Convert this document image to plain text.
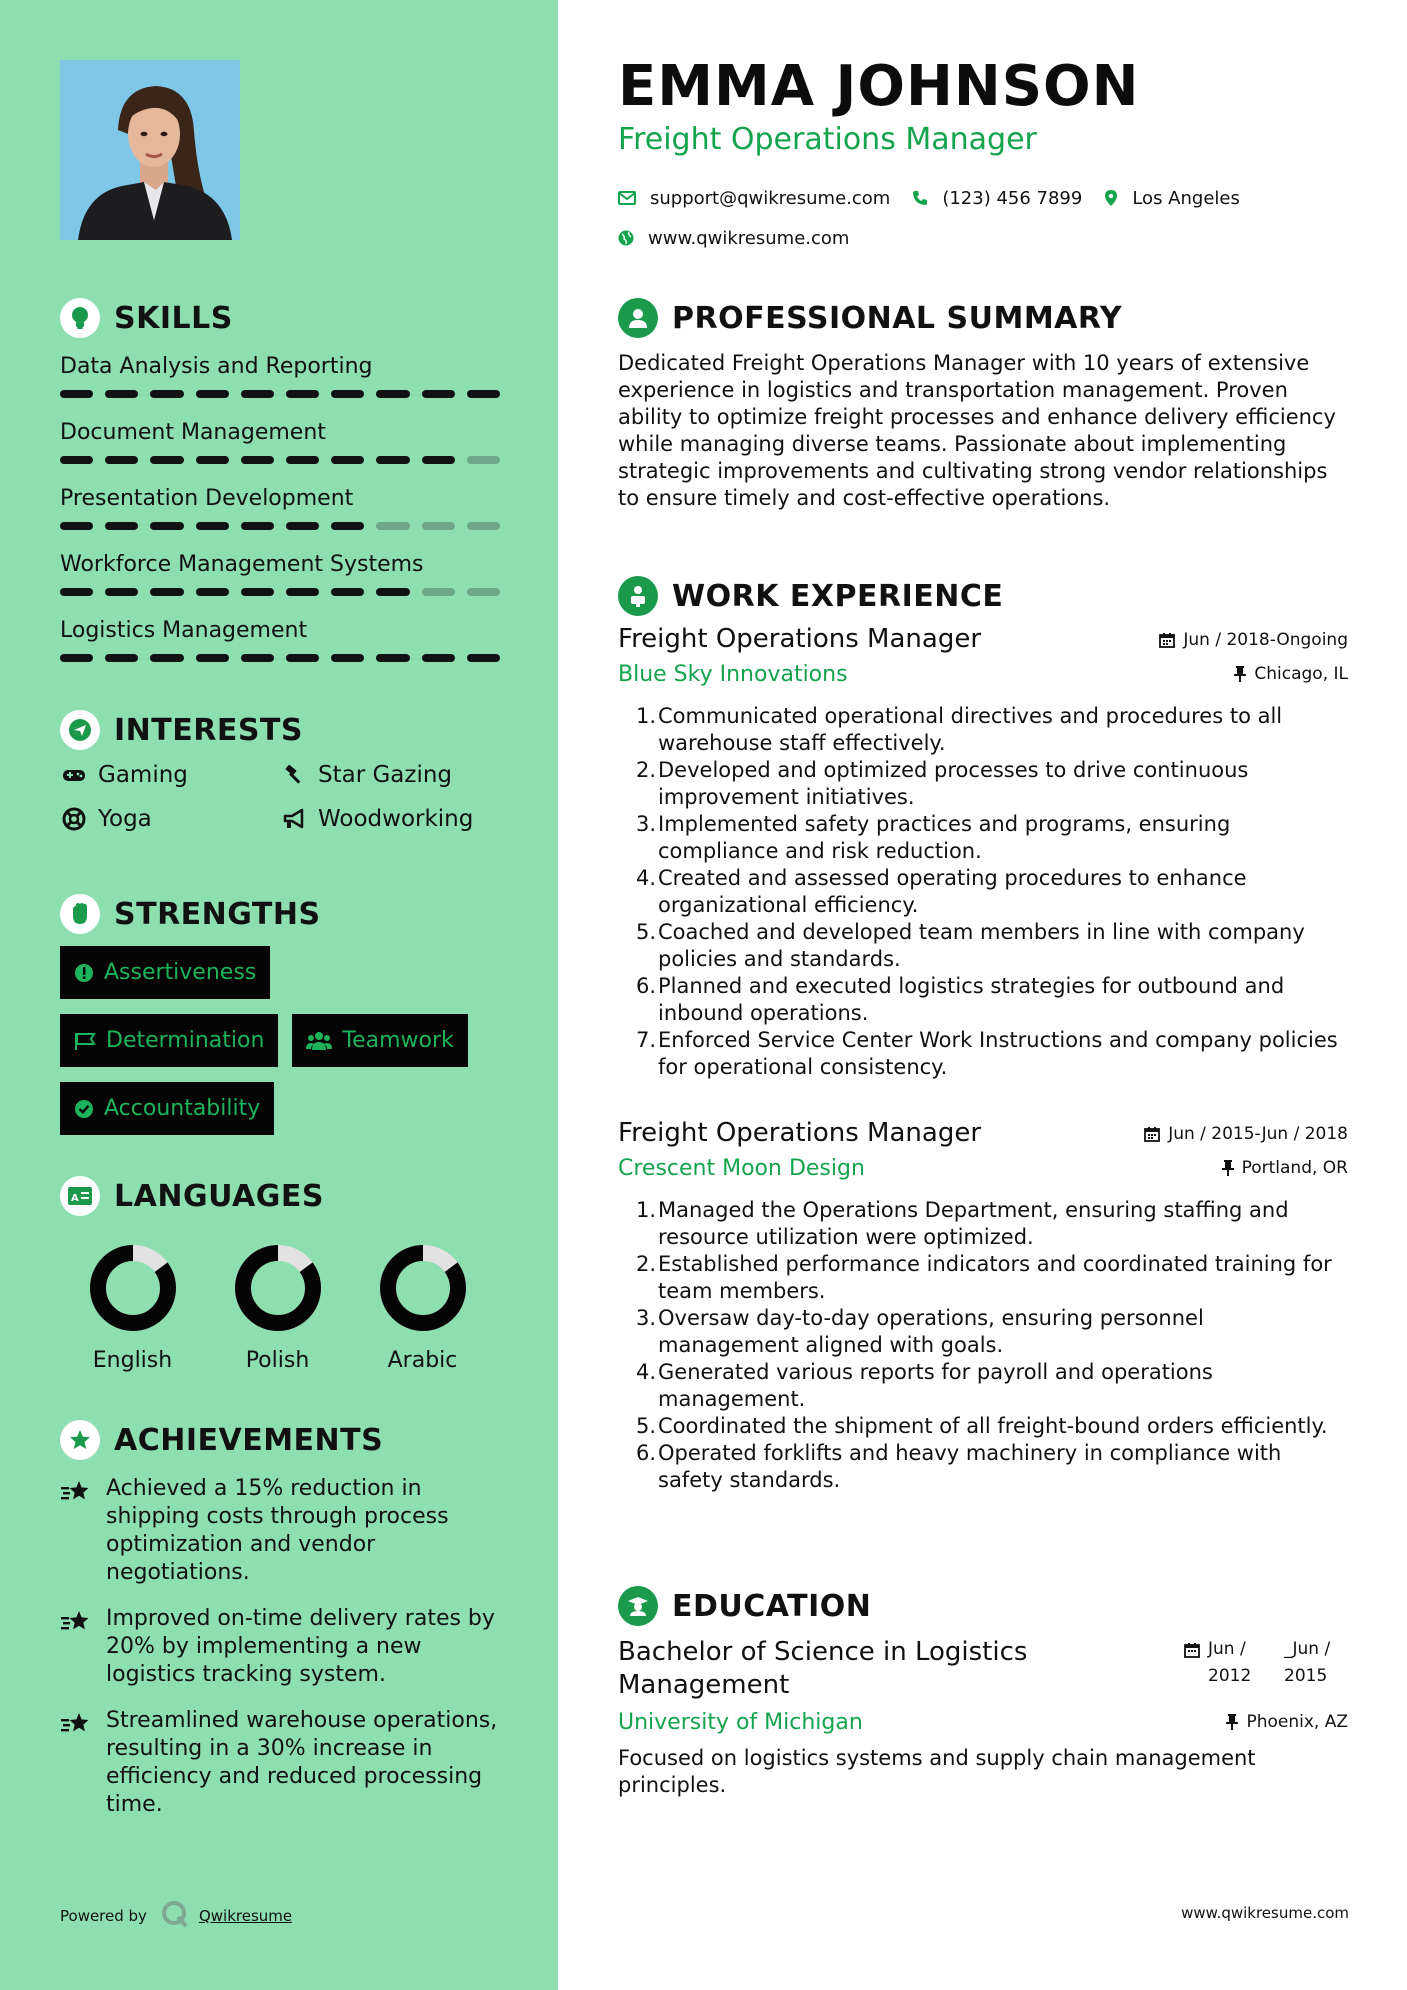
SKILLS
Data Analysis and Reporting
Document Management
Presentation Development
Workforce Management Systems
Logistics Management
INTERESTS
Gaming	Star Gazing
Yoga	Woodworking
STRENGTHS
Assertiveness
Determination	Teamwork
Accountability
A LANGUAGES
English	Polish	Arabic
ACHIEVEMENTS
Achieved a 15% reduction in shipping costs through process optimization and vendor negotiations.
Improved on-time delivery rates by 20% by implementing a new logistics tracking system.
Streamlined warehouse operations, resulting in a 30% increase in efficiency and reduced processing time.
Powered by	Qwikresume
EMMA JOHNSON
Freight Operations Manager
support@qwikresume.com	(123) 456 7899	Los Angeles
www.qwikresume.com
PROFESSIONAL SUMMARY
Dedicated Freight Operations Manager with 10 years of extensive experience in logistics and transportation management. Proven ability to optimize freight processes and enhance delivery efficiency while managing diverse teams. Passionate about implementing strategic improvements and cultivating strong vendor relationships to ensure timely and cost-effective operations.
WORK EXPERIENCE
Freight Operations Manager	Jun / 2018-Ongoing
Blue Sky Innovations	Chicago, IL
1. Communicated operational directives and procedures to all warehouse staff effectively.
2. Developed and optimized processes to drive continuous improvement initiatives.
3. Implemented safety practices and programs, ensuring compliance and risk reduction.
4. Created and assessed operating procedures to enhance organizational efficiency.
5. Coached and developed team members in line with company policies and standards.
6. Planned and executed logistics strategies for outbound and inbound operations.
7. Enforced Service Center Work Instructions and company policies for operational consistency.
Freight Operations Manager	Jun / 2015-Jun / 2018
Crescent Moon Design	Portland, OR
1. Managed the Operations Department, ensuring staffing and resource utilization were optimized.
2. Established performance indicators and coordinated training for team members.
3. Oversaw day-to-day operations, ensuring personnel management aligned with goals.
4. Generated various reports for payroll and operations management.
5. Coordinated the shipment of all freight-bound orders efficiently.
6. Operated forklifts and heavy machinery in compliance with safety standards.
EDUCATION
Bachelor of Science in Logistics Management
Jun / 2012
_Jun / 2015
University of Michigan	Phoenix, AZ
Focused on logistics systems and supply chain management principles.
www.qwikresume.com
